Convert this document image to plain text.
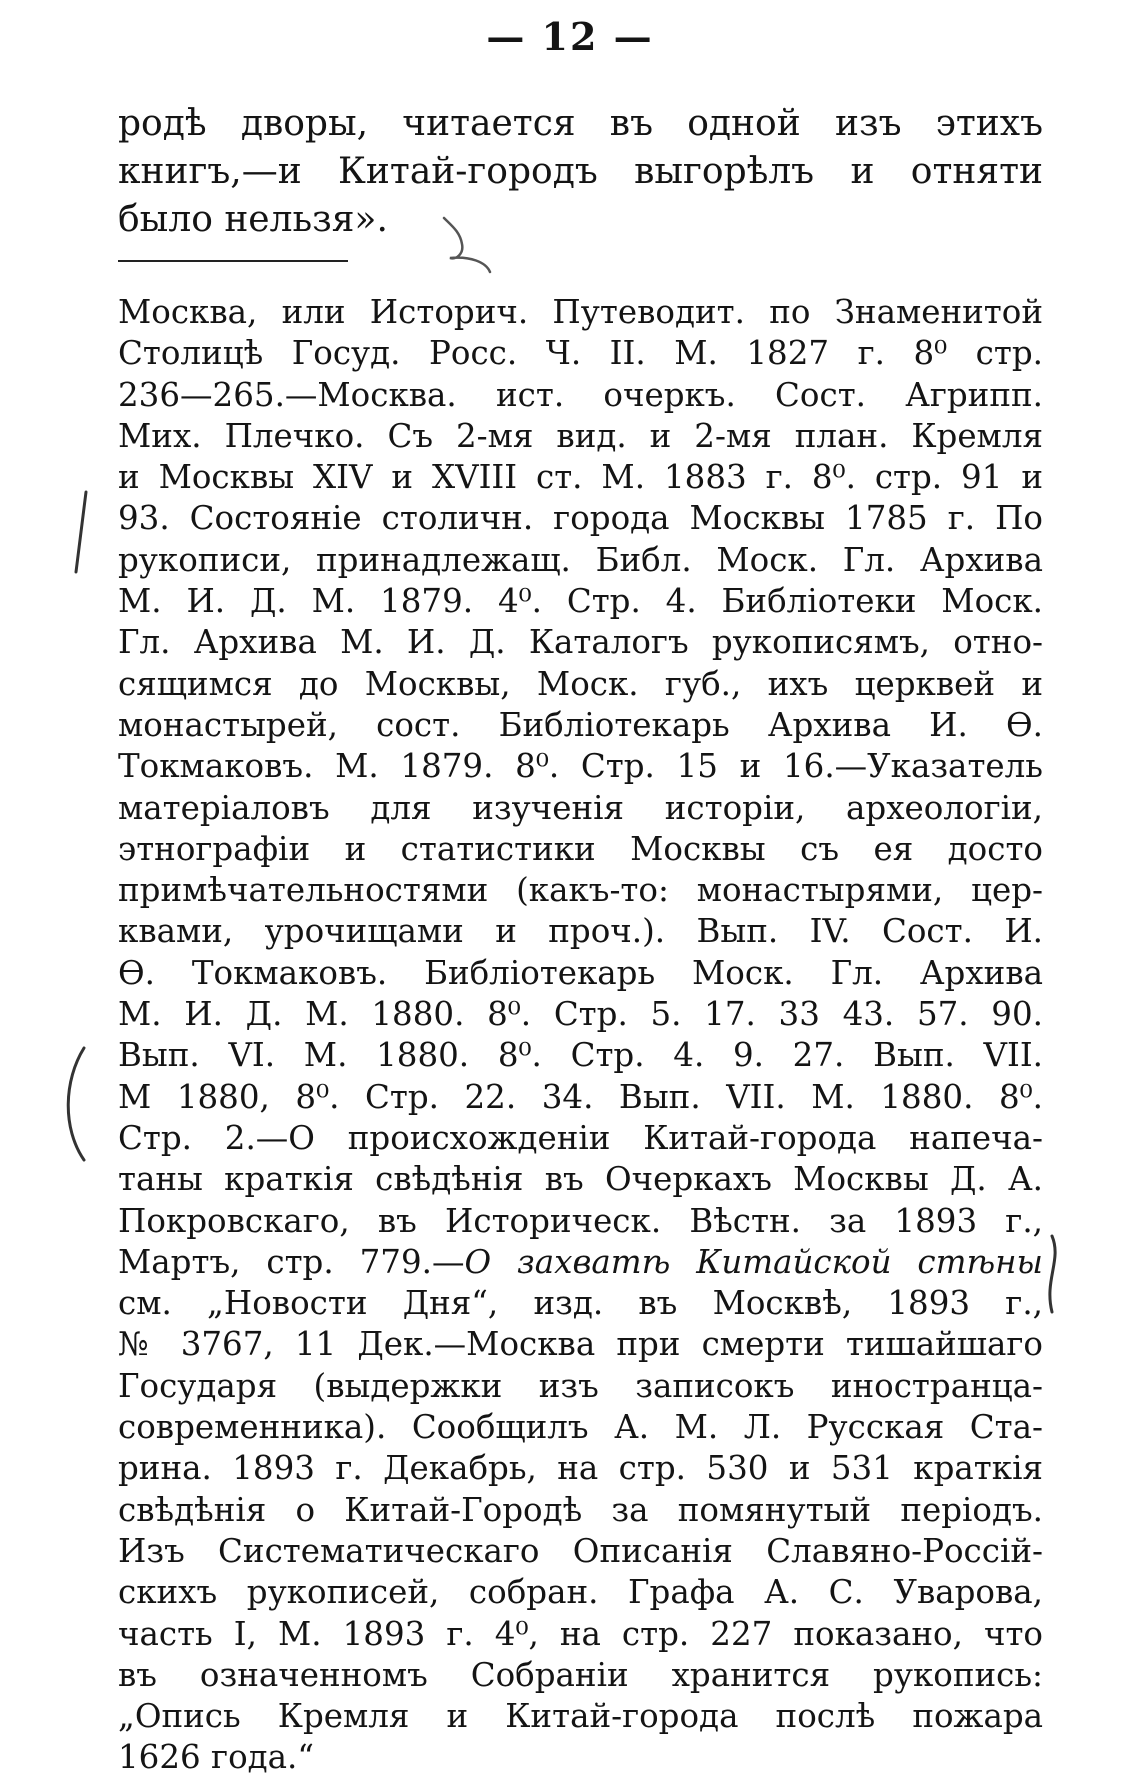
— 12 —
родѣ дворы, читается въ одной изъ этихъ
книгъ,—и Китай-городъ выгорѣлъ и отняти
было нельзя».
Москва, или Историч. Путеводит. по Знаменитой
Столицѣ Госуд. Росс. Ч. II. М. 1827 г. 8⁰ стр.
236—265.—Москва. ист. очеркъ. Сост. Агрипп.
Мих. Плечко. Съ 2-мя вид. и 2-мя план. Кремля
и Москвы XIV и XVIII ст. М. 1883 г. 8⁰. стр. 91 и
93. Состояніе столичн. города Москвы 1785 г. По
рукописи, принадлежащ. Библ. Моск. Гл. Архива
М. И. Д. М. 1879. 4⁰. Стр. 4. Библіотеки Моск.
Гл. Архива М. И. Д. Каталогъ рукописямъ, отно-
сящимся до Москвы, Моск. губ., ихъ церквей и
монастырей, сост. Библіотекарь Архива И. Ѳ.
Токмаковъ. М. 1879. 8⁰. Стр. 15 и 16.—Указатель
матеріаловъ для изученія исторіи, археологіи,
этнографіи и статистики Москвы съ ея досто
примѣчательностями (какъ-то: монастырями, цер-
квами, урочищами и проч.). Вып. IV. Сост. И.
Ѳ. Токмаковъ. Библіотекарь Моск. Гл. Архива
М. И. Д. М. 1880. 8⁰. Стр. 5. 17. 33 43. 57. 90.
Вып. VI. М. 1880. 8⁰. Стр. 4. 9. 27. Вып. VII.
М 1880, 8⁰. Стр. 22. 34. Вып. VII. М. 1880. 8⁰.
Стр. 2.—О происхожденіи Китай-города напеча-
таны краткія свѣдѣнія въ Очеркахъ Москвы Д. А.
Покровскаго, въ Историческ. Вѣстн. за 1893 г.,
Мартъ, стр. 779.—О захватѣ Китайской стѣны
см. „Новости Дня“, изд. въ Москвѣ, 1893 г.,
№ 3767, 11 Дек.—Москва при смерти тишайшаго
Государя (выдержки изъ записокъ иностранца-
современника). Сообщилъ А. М. Л. Русская Ста-
рина. 1893 г. Декабрь, на стр. 530 и 531 краткія
свѣдѣнія о Китай-Городѣ за помянутый періодъ.
Изъ Систематическаго Описанія Славяно-Россій-
скихъ рукописей, собран. Графа А. С. Уварова,
часть I, М. 1893 г. 4⁰, на стр. 227 показано, что
въ означенномъ Собраніи хранится рукопись:
„Опись Кремля и Китай-города послѣ пожара
1626 года.“
